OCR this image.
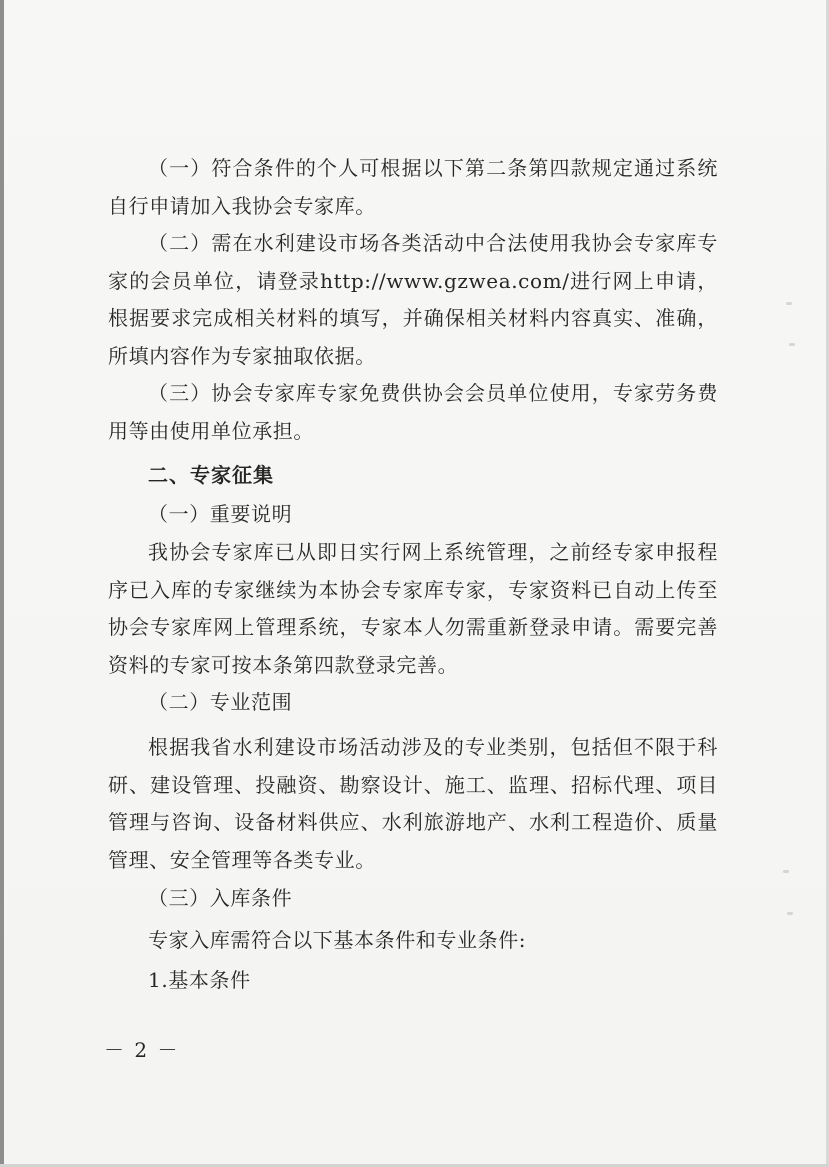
（一）符合条件的个人可根据以下第二条第四款规定通过系统自行申请加入我协会专家库。

（二）需在水利建设市场各类活动中合法使用我协会专家库专家的会员单位，请登录http://www.gzwea.com/进行网上申请，根据要求完成相关材料的填写，并确保相关材料内容真实、准确，所填内容作为专家抽取依据。

（三）协会专家库专家免费供协会会员单位使用，专家劳务费用等由使用单位承担。

二、专家征集

（一）重要说明

我协会专家库已从即日实行网上系统管理，之前经专家申报程序已入库的专家继续为本协会专家库专家，专家资料已自动上传至协会专家库网上管理系统，专家本人勿需重新登录申请。需要完善资料的专家可按本条第四款登录完善。

（二）专业范围

根据我省水利建设市场活动涉及的专业类别，包括但不限于科研、建设管理、投融资、勘察设计、施工、监理、招标代理、项目管理与咨询、设备材料供应、水利旅游地产、水利工程造价、质量管理、安全管理等各类专业。

（三）入库条件

专家入库需符合以下基本条件和专业条件:

1.基本条件

－ 2 －
